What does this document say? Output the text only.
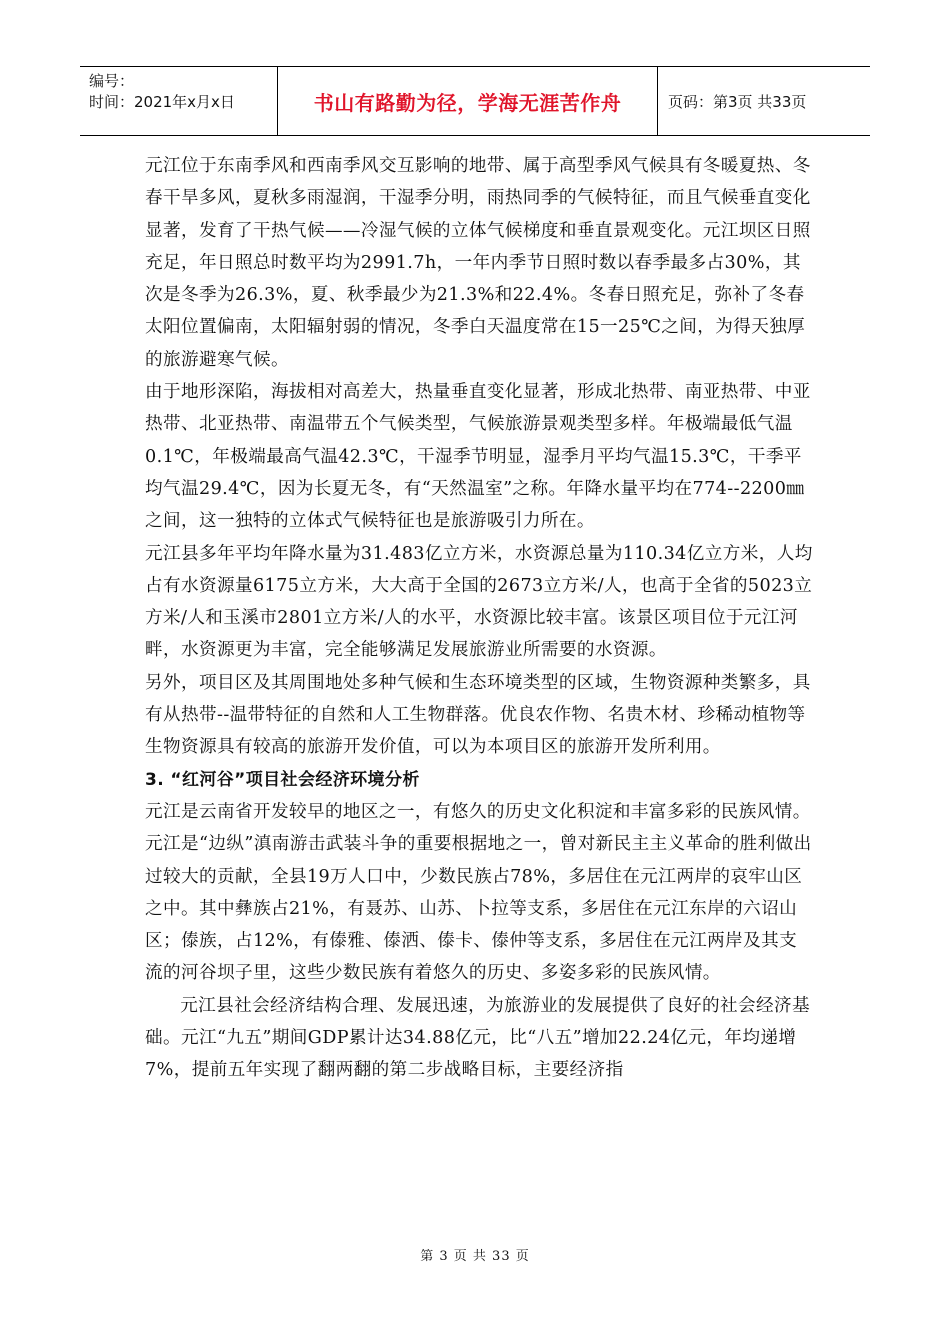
编号：
时间：2021年x月x日	书山有路勤为径，学海无涯苦作舟	页码：第3页 共33页

元江位于东南季风和西南季风交互影响的地带、属于高型季风气候具有冬暖夏热、冬春干旱多风，夏秋多雨湿润，干湿季分明，雨热同季的气候特征，而且气候垂直变化显著，发育了干热气候——冷湿气候的立体气候梯度和垂直景观变化。元江坝区日照充足，年日照总时数平均为2991.7h，一年内季节日照时数以春季最多占30%，其次是冬季为26.3%，夏、秋季最少为21.3%和22.4%。冬春日照充足，弥补了冬春太阳位置偏南，太阳辐射弱的情况，冬季白天温度常在15一25℃之间，为得天独厚的旅游避寒气候。

由于地形深陷，海拔相对高差大，热量垂直变化显著，形成北热带、南亚热带、中亚热带、北亚热带、南温带五个气候类型，气候旅游景观类型多样。年极端最低气温0.1℃，年极端最高气温42.3℃，干湿季节明显，湿季月平均气温15.3℃，干季平均气温29.4℃，因为长夏无冬，有“天然温室”之称。年降水量平均在774--2200㎜之间，这一独特的立体式气候特征也是旅游吸引力所在。

元江县多年平均年降水量为31.483亿立方米，水资源总量为110.34亿立方米，人均占有水资源量6175立方米，大大高于全国的2673立方米/人，也高于全省的5023立方米/人和玉溪市2801立方米/人的水平，水资源比较丰富。该景区项目位于元江河畔，水资源更为丰富，完全能够满足发展旅游业所需要的水资源。

另外，项目区及其周围地处多种气候和生态环境类型的区域，生物资源种类繁多，具有从热带--温带特征的自然和人工生物群落。优良农作物、名贵木材、珍稀动植物等生物资源具有较高的旅游开发价值，可以为本项目区的旅游开发所利用。

3. “红河谷”项目社会经济环境分析

元江是云南省开发较早的地区之一，有悠久的历史文化积淀和丰富多彩的民族风情。元江是“边纵”滇南游击武装斗争的重要根据地之一，曾对新民主主义革命的胜利做出过较大的贡献，全县19万人口中，少数民族占78%，多居住在元江两岸的哀牢山区之中。其中彝族占21%，有聂苏、山苏、卜拉等支系，多居住在元江东岸的六诏山区；傣族，占12%，有傣雅、傣洒、傣卡、傣仲等支系，多居住在元江两岸及其支流的河谷坝子里，这些少数民族有着悠久的历史、多姿多彩的民族风情。

元江县社会经济结构合理、发展迅速，为旅游业的发展提供了良好的社会经济基础。元江“九五”期间GDP累计达34.88亿元，比“八五”增加22.24亿元，年均递增7%，提前五年实现了翻两翻的第二步战略目标，主要经济指

第 3 页 共 33 页
